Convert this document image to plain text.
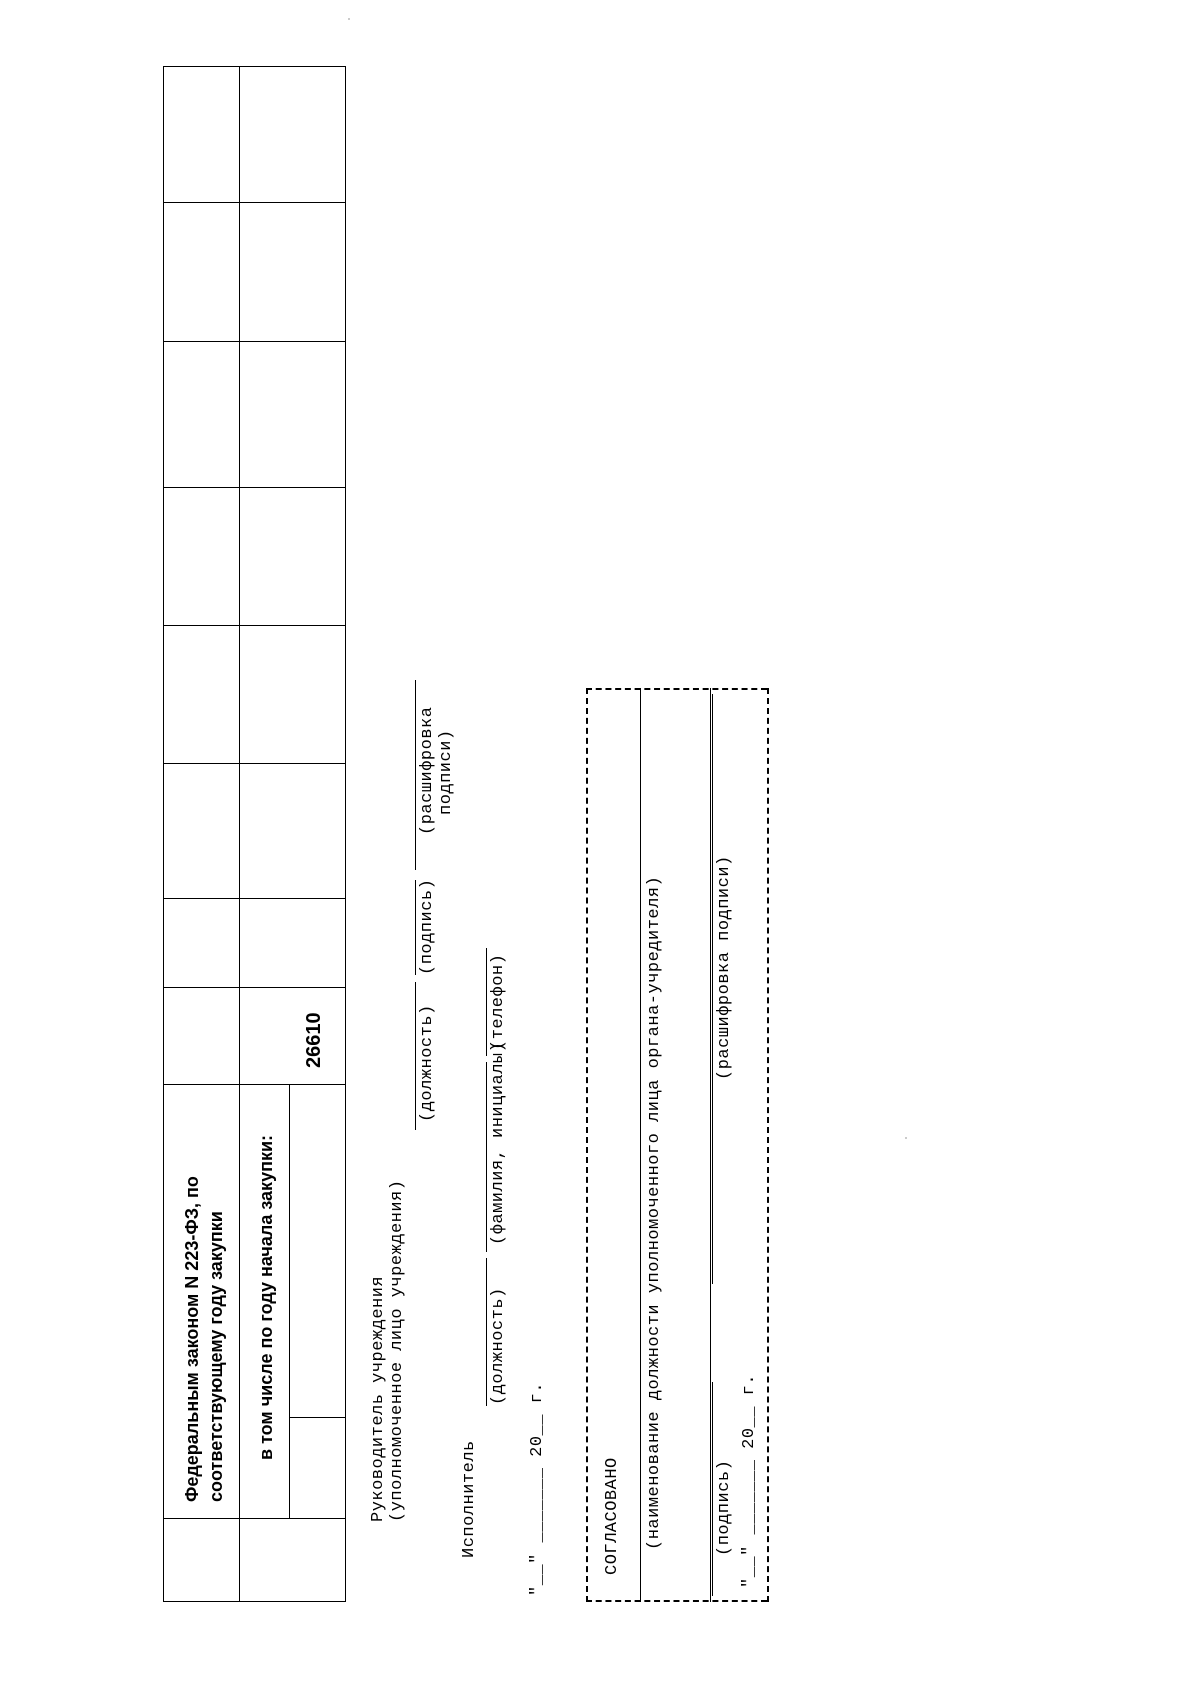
Федеральным законом N 223-ФЗ, по соответствующему году закупки в том числе по году начала закупки:
26610
Руководитель учреждения (уполномоченное лицо учреждения)
(должность)
(подпись)
(расшифровка подписи)
Исполнитель
(должность)
(фамилия, инициалы)
(телефон)
"__" _______ 20__ г.	СОГЛАСОВАНО (наименование должности уполномоченного лица органа-учредителя)	(подпись)
(расшифровка подписи)
"__" _______ 20__ г.
